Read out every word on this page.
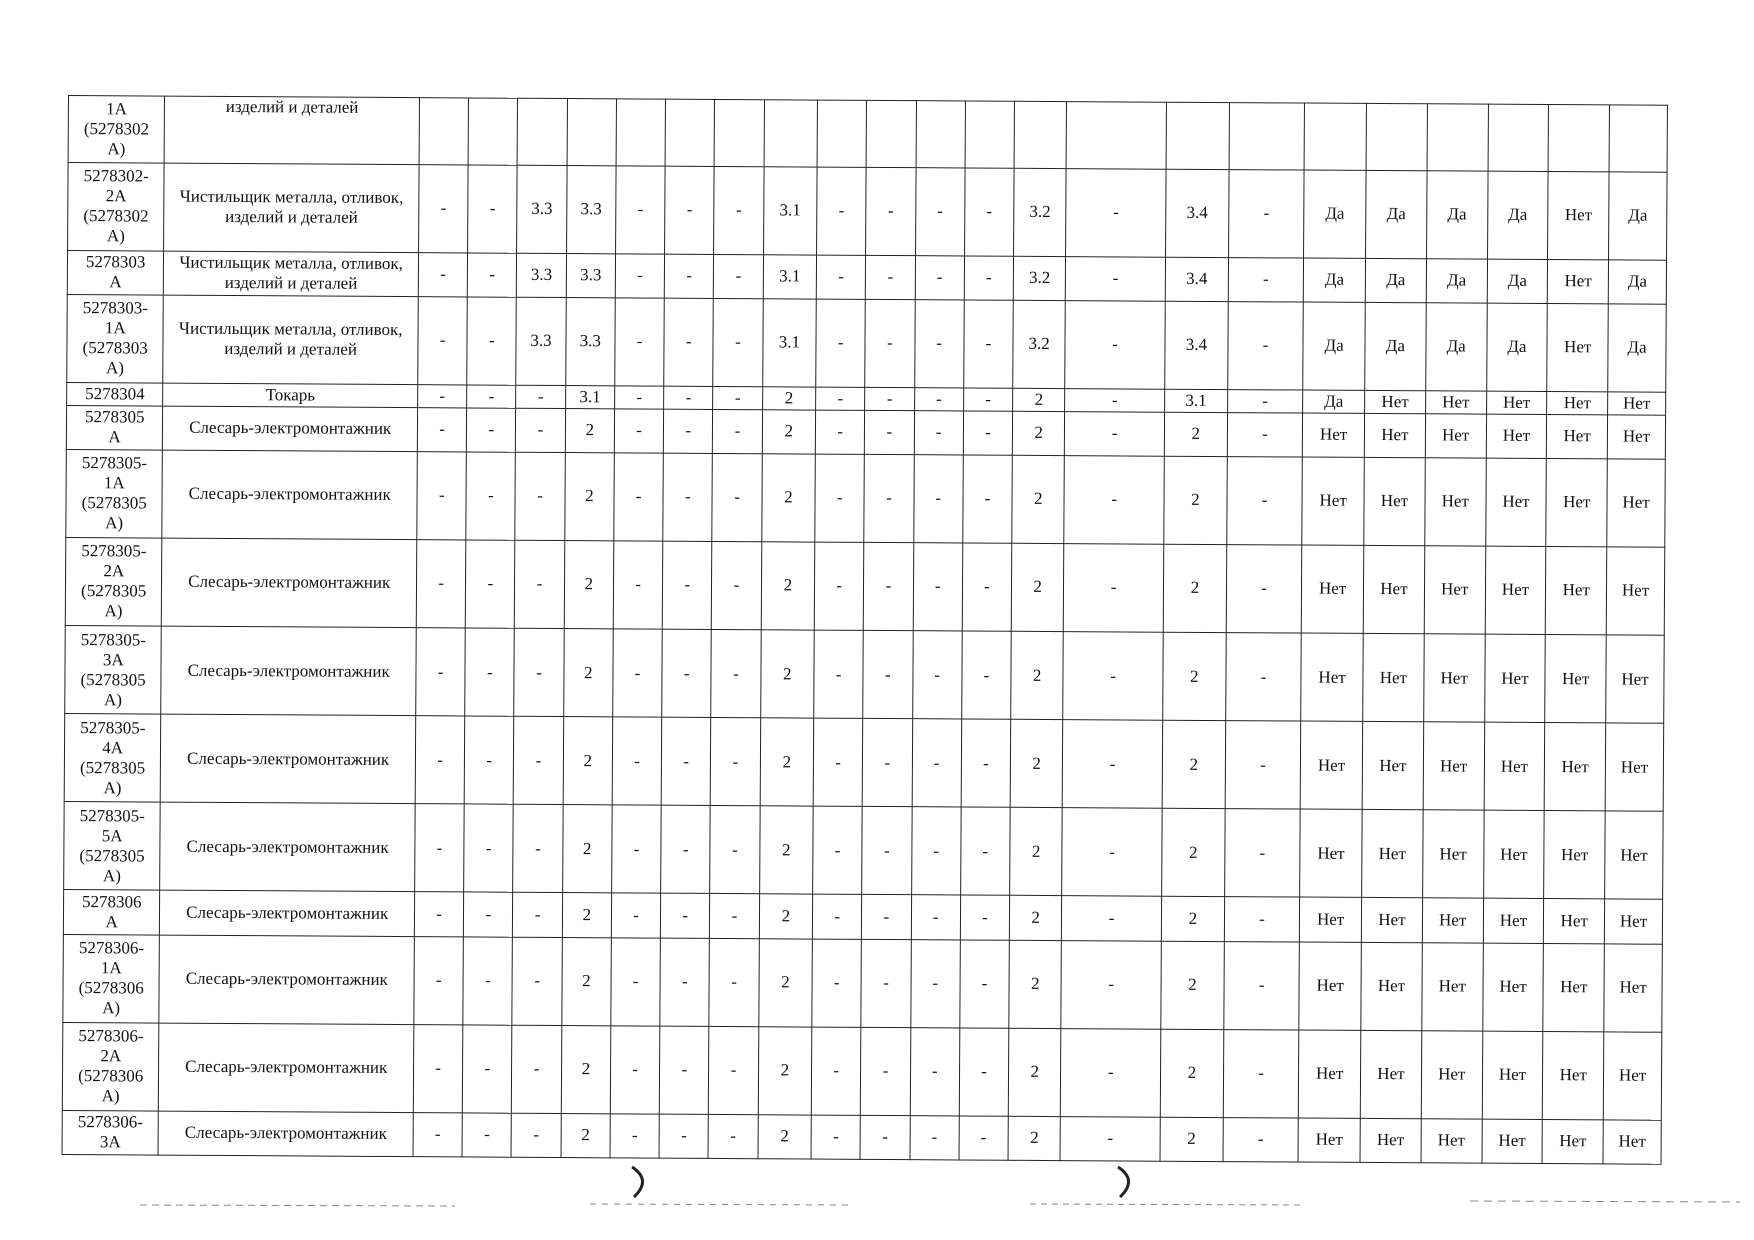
1А
(5278302
А)	изделий и деталей																						
5278302-
2А
(5278302
А)	Чистильщик металла, отливок, изделий и деталей	-	-	3.3	3.3	-	-	-	3.1	-	-	-	-	3.2	-	3.4	-	Да	Да	Да	Да	Нет	Да
5278303
А	Чистильщик металла, отливок, изделий и деталей	-	-	3.3	3.3	-	-	-	3.1	-	-	-	-	3.2	-	3.4	-	Да	Да	Да	Да	Нет	Да
5278303-
1А
(5278303
А)	Чистильщик металла, отливок, изделий и деталей	-	-	3.3	3.3	-	-	-	3.1	-	-	-	-	3.2	-	3.4	-	Да	Да	Да	Да	Нет	Да
5278304	Токарь	-	-	-	3.1	-	-	-	2	-	-	-	-	2	-	3.1	-	Да	Нет	Нет	Нет	Нет	Нет
5278305
А	Слесарь-электромонтажник	-	-	-	2	-	-	-	2	-	-	-	-	2	-	2	-	Нет	Нет	Нет	Нет	Нет	Нет
5278305-
1А
(5278305
А)	Слесарь-электромонтажник	-	-	-	2	-	-	-	2	-	-	-	-	2	-	2	-	Нет	Нет	Нет	Нет	Нет	Нет
5278305-
2А
(5278305
А)	Слесарь-электромонтажник	-	-	-	2	-	-	-	2	-	-	-	-	2	-	2	-	Нет	Нет	Нет	Нет	Нет	Нет
5278305-
3А
(5278305
А)	Слесарь-электромонтажник	-	-	-	2	-	-	-	2	-	-	-	-	2	-	2	-	Нет	Нет	Нет	Нет	Нет	Нет
5278305-
4А
(5278305
А)	Слесарь-электромонтажник	-	-	-	2	-	-	-	2	-	-	-	-	2	-	2	-	Нет	Нет	Нет	Нет	Нет	Нет
5278305-
5А
(5278305
А)	Слесарь-электромонтажник	-	-	-	2	-	-	-	2	-	-	-	-	2	-	2	-	Нет	Нет	Нет	Нет	Нет	Нет
5278306
А	Слесарь-электромонтажник	-	-	-	2	-	-	-	2	-	-	-	-	2	-	2	-	Нет	Нет	Нет	Нет	Нет	Нет
5278306-
1А
(5278306
А)	Слесарь-электромонтажник	-	-	-	2	-	-	-	2	-	-	-	-	2	-	2	-	Нет	Нет	Нет	Нет	Нет	Нет
5278306-
2А
(5278306
А)	Слесарь-электромонтажник	-	-	-	2	-	-	-	2	-	-	-	-	2	-	2	-	Нет	Нет	Нет	Нет	Нет	Нет
5278306-
3А	Слесарь-электромонтажник	-	-	-	2	-	-	-	2	-	-	-	-	2	-	2	-	Нет	Нет	Нет	Нет	Нет	Нет
